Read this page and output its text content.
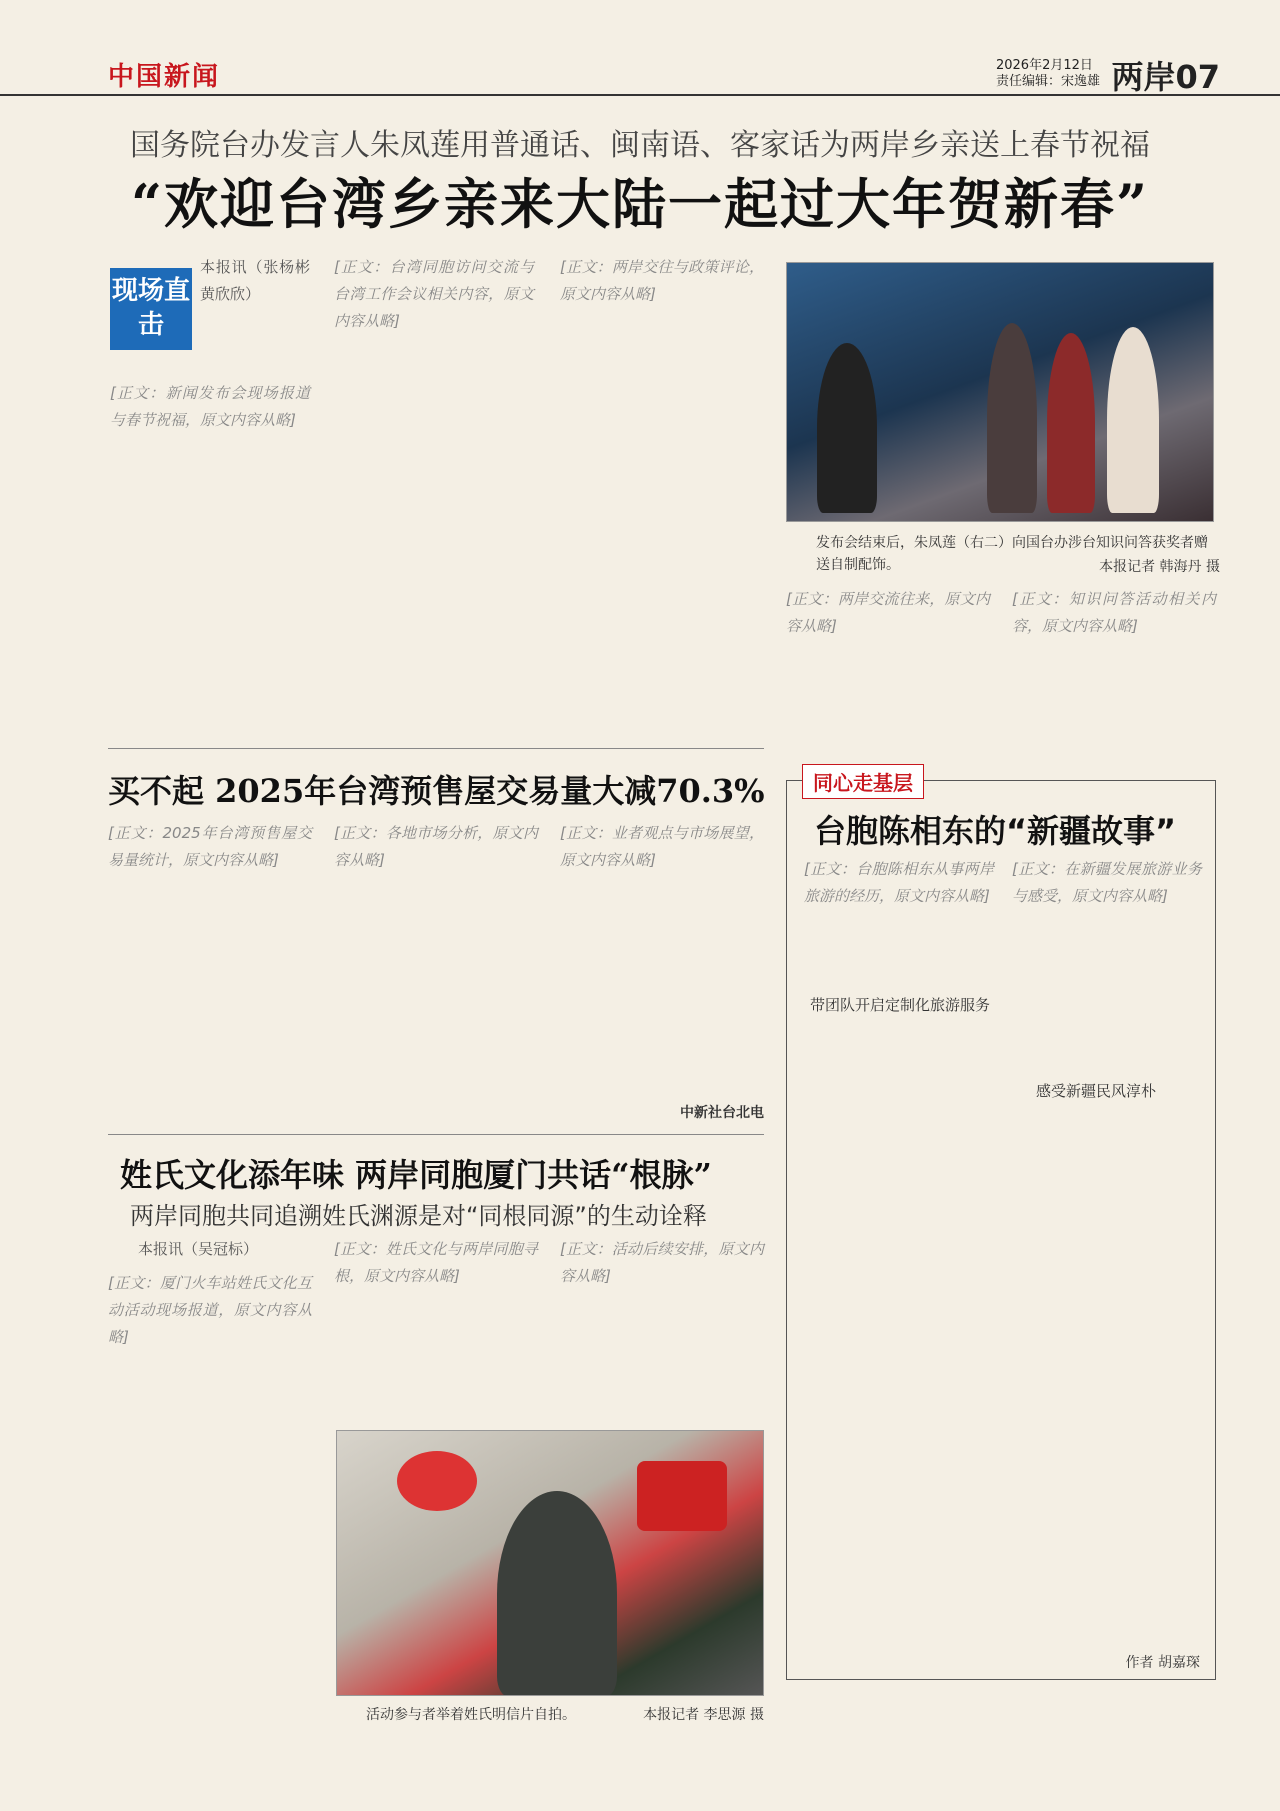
中国新闻	2026年2月12日
责任编辑：宋逸雄 两岸07
国务院台办发言人朱凤莲用普通话、闽南语、客家话为两岸乡亲送上春节祝福
“欢迎台湾乡亲来大陆一起过大年贺新春”
现场直击
本报讯（张杨彬 黄欣欣）
[正文：新闻发布会现场报道与春节祝福，原文内容从略]
[正文：台湾同胞访问交流与台湾工作会议相关内容，原文内容从略]
[正文：两岸交往与政策评论，原文内容从略]
发布会结束后，朱凤莲（右二）向国台办涉台知识问答获奖者赠送自制配饰。	本报记者 韩海丹 摄
[正文：两岸交流往来，原文内容从略]
[正文：知识问答活动相关内容，原文内容从略]
买不起 2025年台湾预售屋交易量大减70.3%
[正文：2025年台湾预售屋交易量统计，原文内容从略]
[正文：各地市场分析，原文内容从略]
[正文：业者观点与市场展望，原文内容从略]
中新社台北电
姓氏文化添年味 两岸同胞厦门共话“根脉”
两岸同胞共同追溯姓氏渊源是对“同根同源”的生动诠释
本报讯（吴冠标）
[正文：厦门火车站姓氏文化互动活动现场报道，原文内容从略]
[正文：姓氏文化与两岸同胞寻根，原文内容从略]
[正文：活动后续安排，原文内容从略]
活动参与者举着姓氏明信片自拍。	本报记者 李思源 摄
同心走基层
台胞陈相东的“新疆故事”
[正文：台胞陈相东从事两岸旅游的经历，原文内容从略]
带团队开启定制化旅游服务
[正文：在新疆发展旅游业务与感受，原文内容从略]
感受新疆民风淳朴
作者 胡嘉琛
